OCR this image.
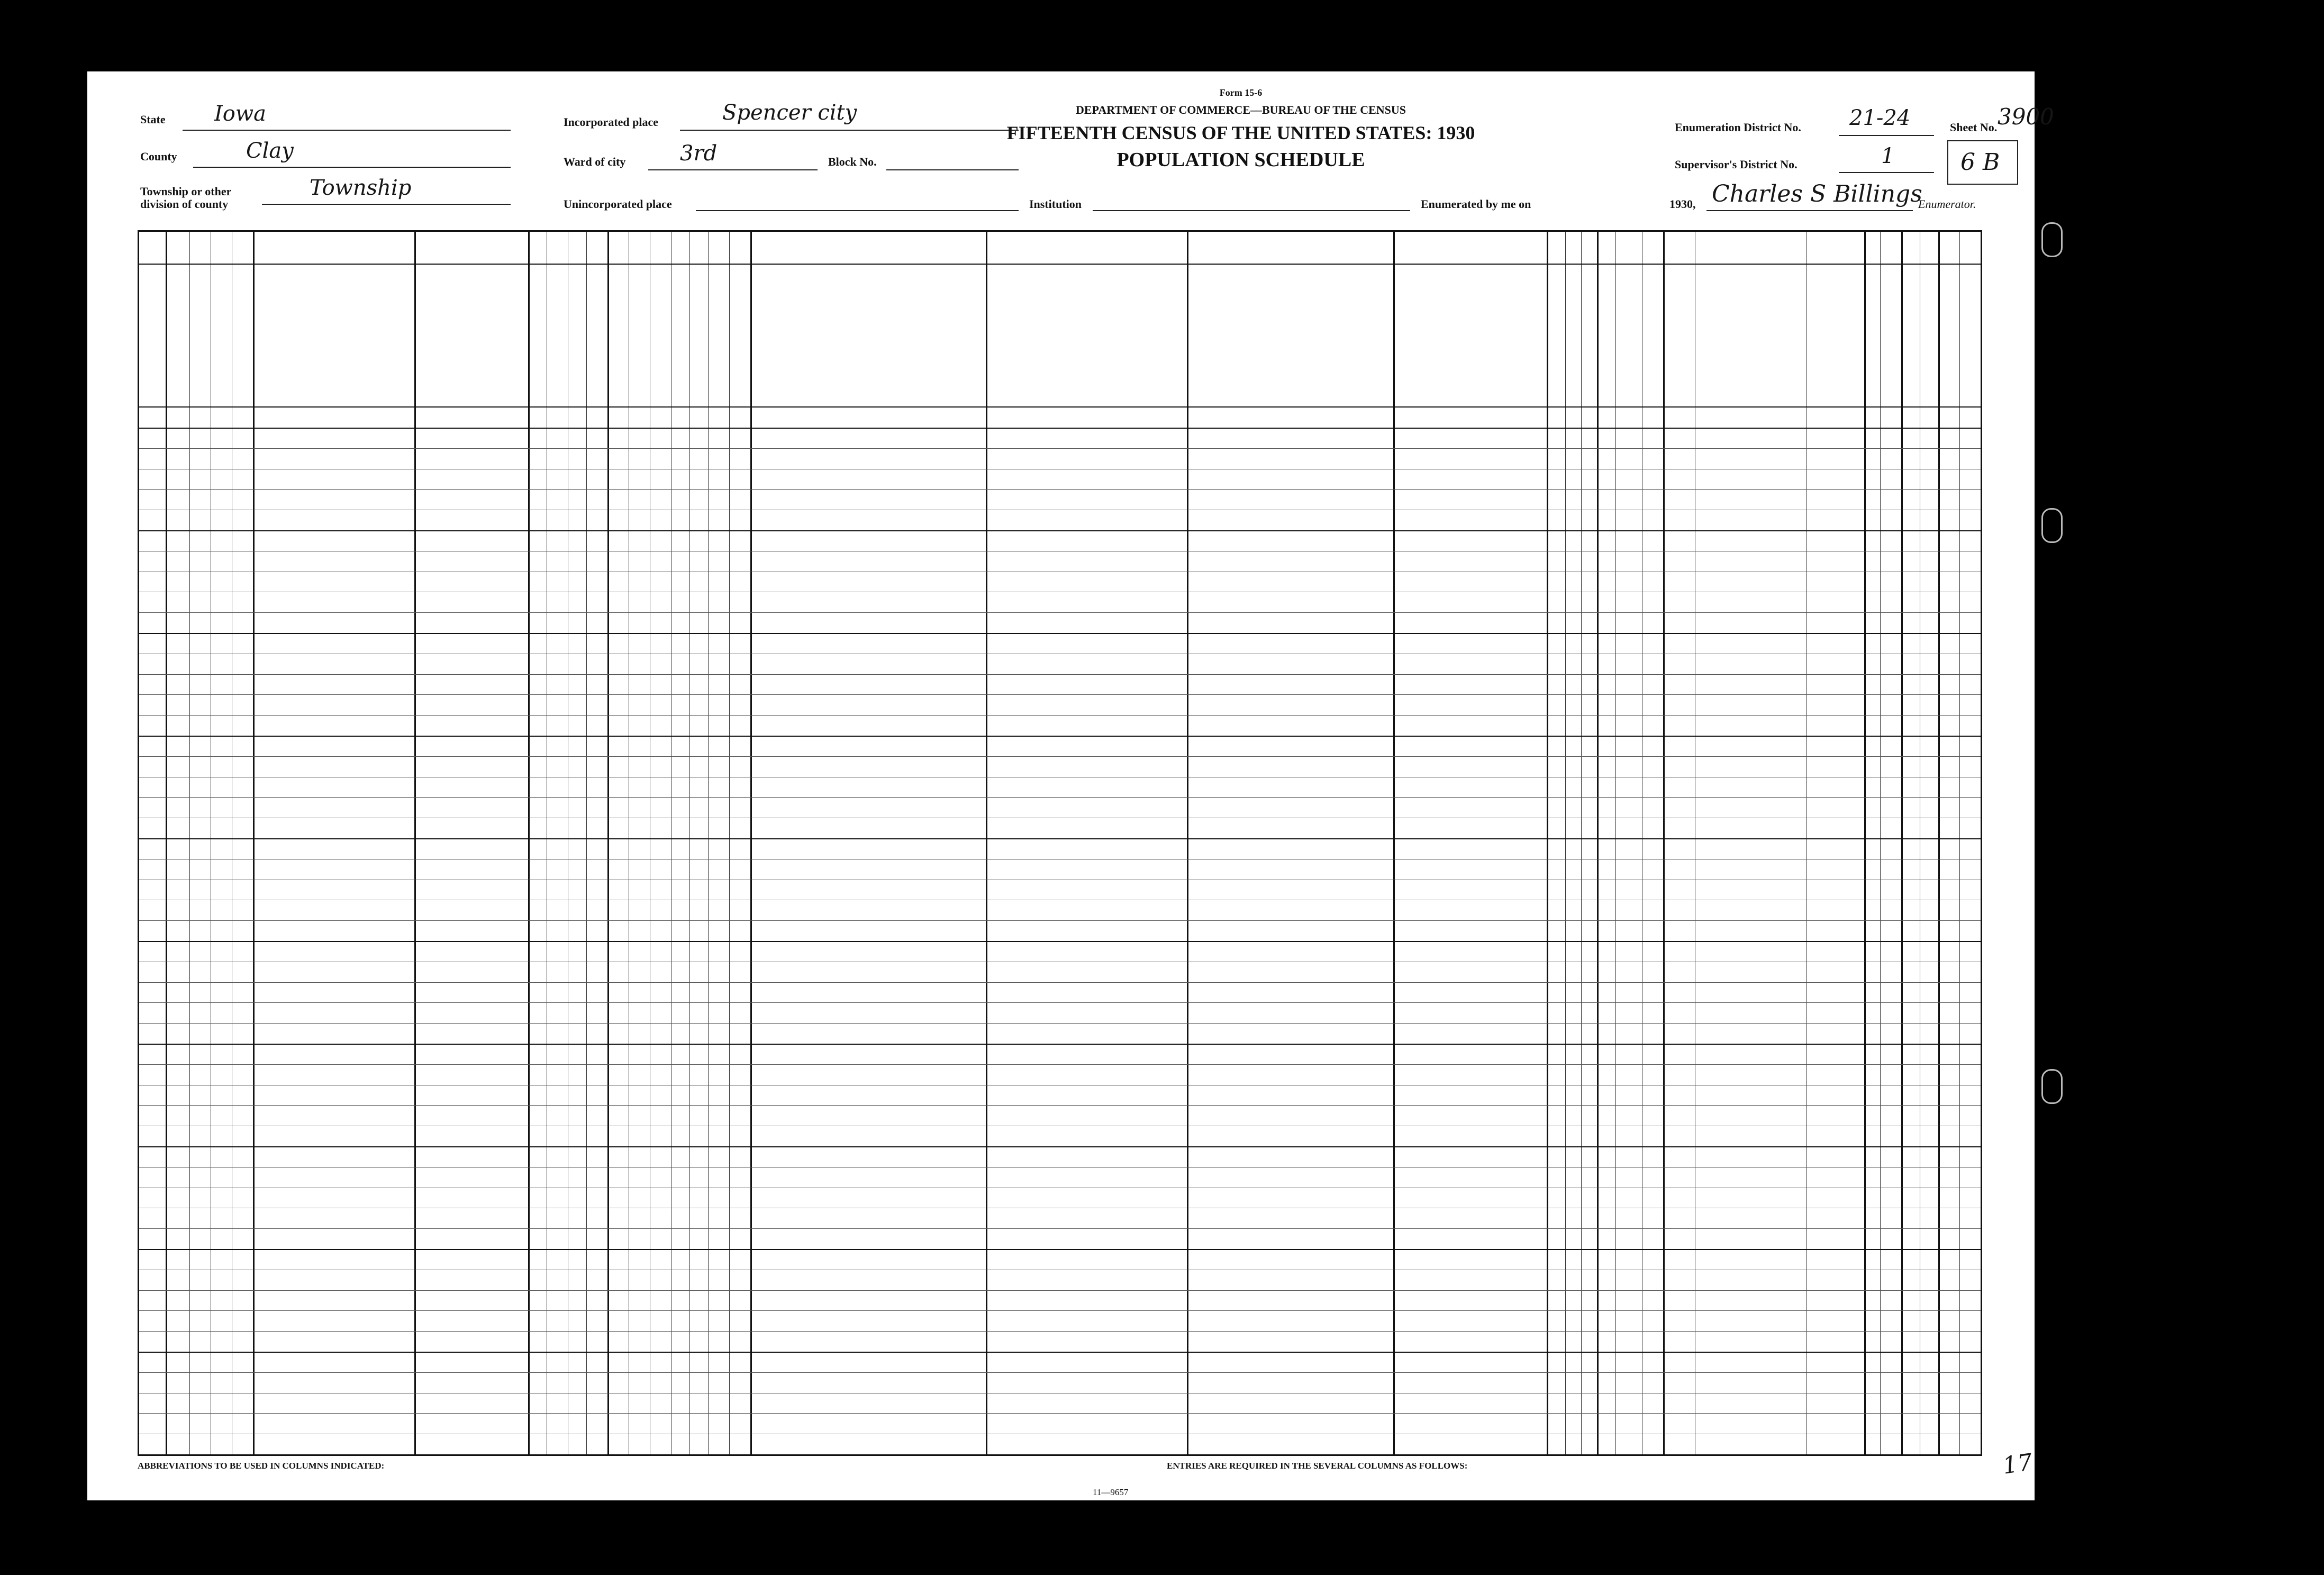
State Iowa
County	Clay
Township or other division of county
Township
Incorporated place	Spencer city
Ward of city	3rd	Block No.
Unincorporated place
Form 15-6
DEPARTMENT OF COMMERCE—BUREAU OF THE CENSUS
FIFTEENTH CENSUS OF THE UNITED STATES: 1930
POPULATION SCHEDULE
Institution
Enumeration District No. 21-24
Supervisor's District No.	1
Sheet No.
6 B
3900
Enumerated by me on	1930, Charles S Billings
Enumerator.
ABBREVIATIONS TO BE USED IN COLUMNS INDICATED:	ENTRIES ARE REQUIRED IN THE SEVERAL COLUMNS AS FOLLOWS:
11—9657
17
